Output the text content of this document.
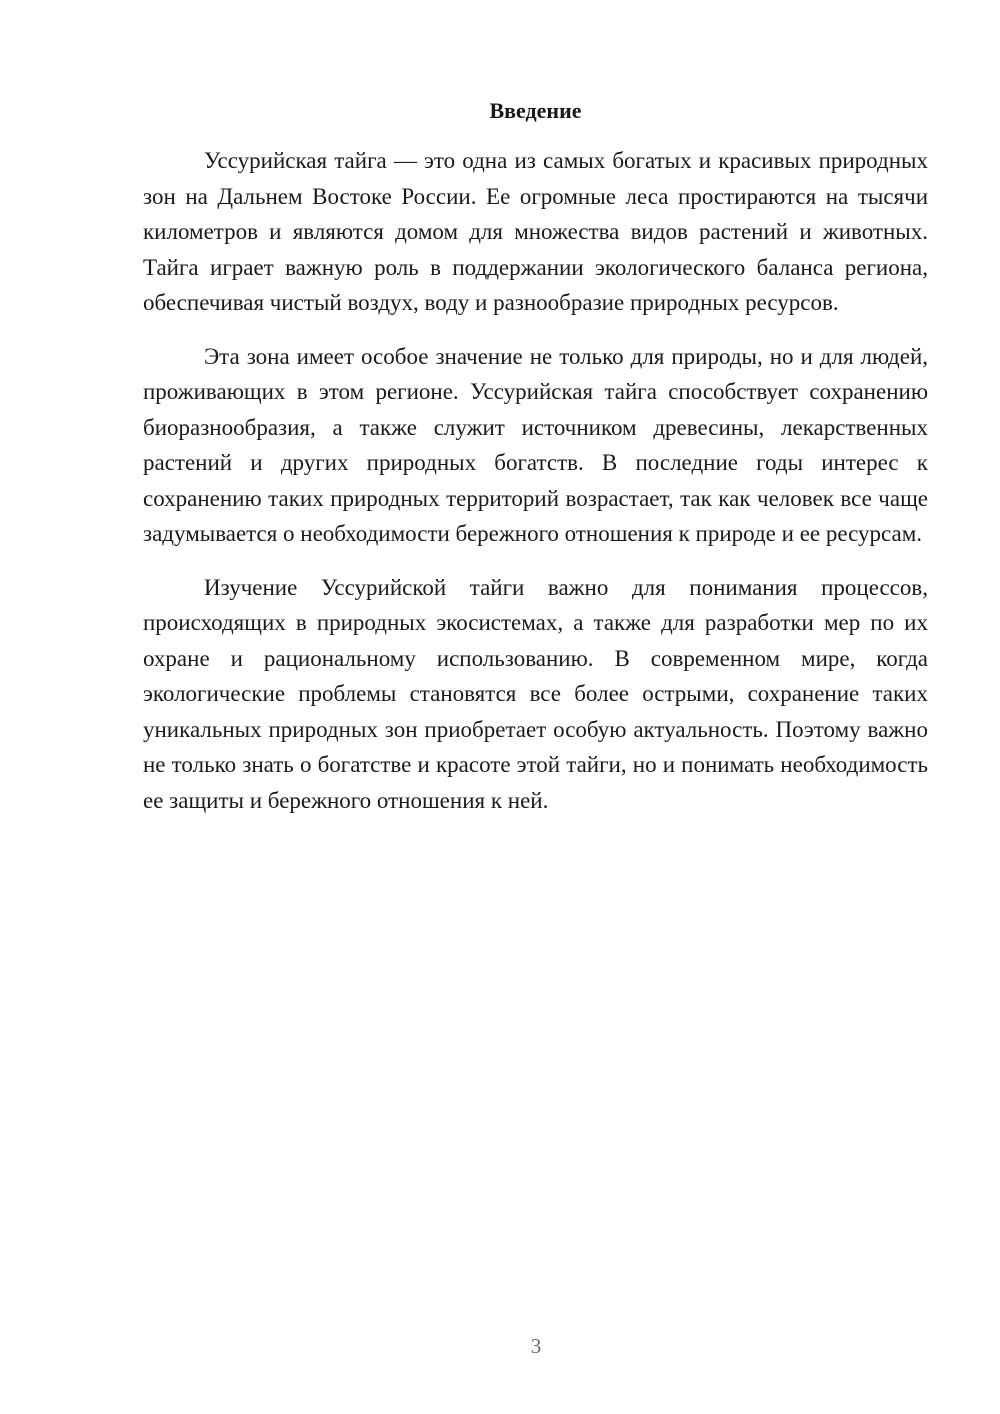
Введение

Уссурийская тайга — это одна из самых богатых и красивых природных зон на Дальнем Востоке России. Ее огромные леса простираются на тысячи километров и являются домом для множества видов растений и животных. Тайга играет важную роль в поддержании экологического баланса региона, обеспечивая чистый воздух, воду и разнообразие природных ресурсов.

Эта зона имеет особое значение не только для природы, но и для людей, проживающих в этом регионе. Уссурийская тайга способствует сохранению биоразнообразия, а также служит источником древесины, лекарственных растений и других природных богатств. В последние годы интерес к сохранению таких природных территорий возрастает, так как человек все чаще задумывается о необходимости бережного отношения к природе и ее ресурсам.

Изучение Уссурийской тайги важно для понимания процессов, происходящих в природных экосистемах, а также для разработки мер по их охране и рациональному использованию. В современном мире, когда экологические проблемы становятся все более острыми, сохранение таких уникальных природных зон приобретает особую актуальность. Поэтому важно не только знать о богатстве и красоте этой тайги, но и понимать необходимость ее защиты и бережного отношения к ней.

3
